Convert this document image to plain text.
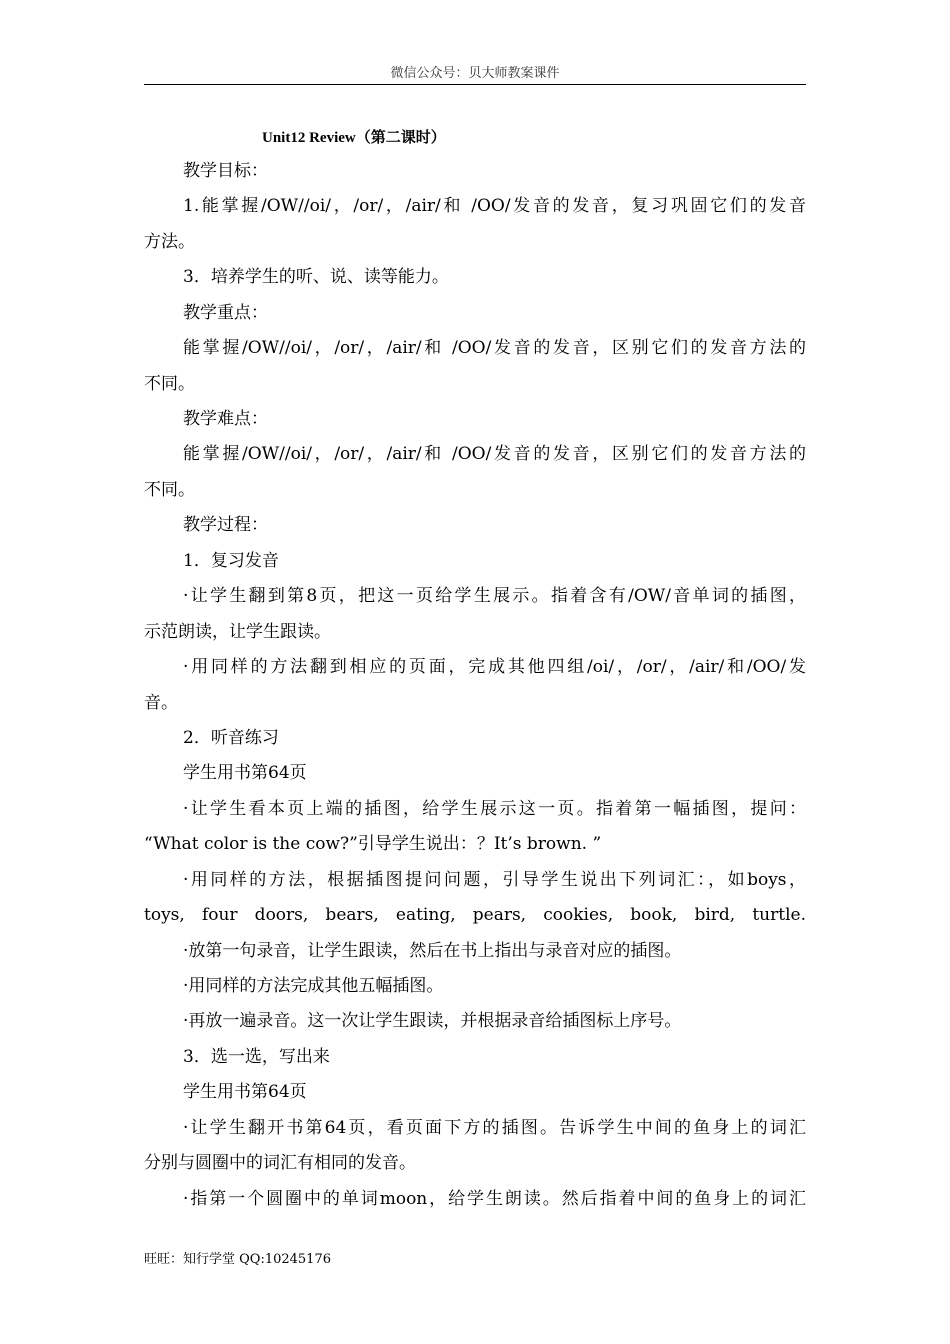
微信公众号：贝大师教案课件
Unit12 Review（第二课时）
教学目标：
1.能掌握/OW//oi/，/or/，/air/和 /OO/发音的发音，复习巩固它们的发音
方法。
3．培养学生的听、说、读等能力。
教学重点：
能掌握/OW//oi/，/or/，/air/和 /OO/发音的发音，区别它们的发音方法的
不同。
教学难点：
能掌握/OW//oi/，/or/，/air/和 /OO/发音的发音，区别它们的发音方法的
不同。
教学过程：
1．复习发音
·让学生翻到第8页，把这一页给学生展示。指着含有/OW/音单词的插图，
示范朗读，让学生跟读。
·用同样的方法翻到相应的页面，完成其他四组/oi/，/or/，/air/和/OO/发
音。
2．听音练习
学生用书第64页
·让学生看本页上端的插图，给学生展示这一页。指着第一幅插图，提问：
“What color is the cow?”引导学生说出：？It’s brown. ”
·用同样的方法，根据插图提问问题，引导学生说出下列词汇：，如boys，
toys, four doors, bears, eating, pears, cookies, book, bird, turtle.
·放第一句录音，让学生跟读，然后在书上指出与录音对应的插图。
·用同样的方法完成其他五幅插图。
·再放一遍录音。这一次让学生跟读，并根据录音给插图标上序号。
3．选一选，写出来
学生用书第64页
·让学生翻开书第64页，看页面下方的插图。告诉学生中间的鱼身上的词汇
分别与圆圈中的词汇有相同的发音。
·指第一个圆圈中的单词moon，给学生朗读。然后指着中间的鱼身上的词汇
旺旺：知行学堂 QQ:10245176
